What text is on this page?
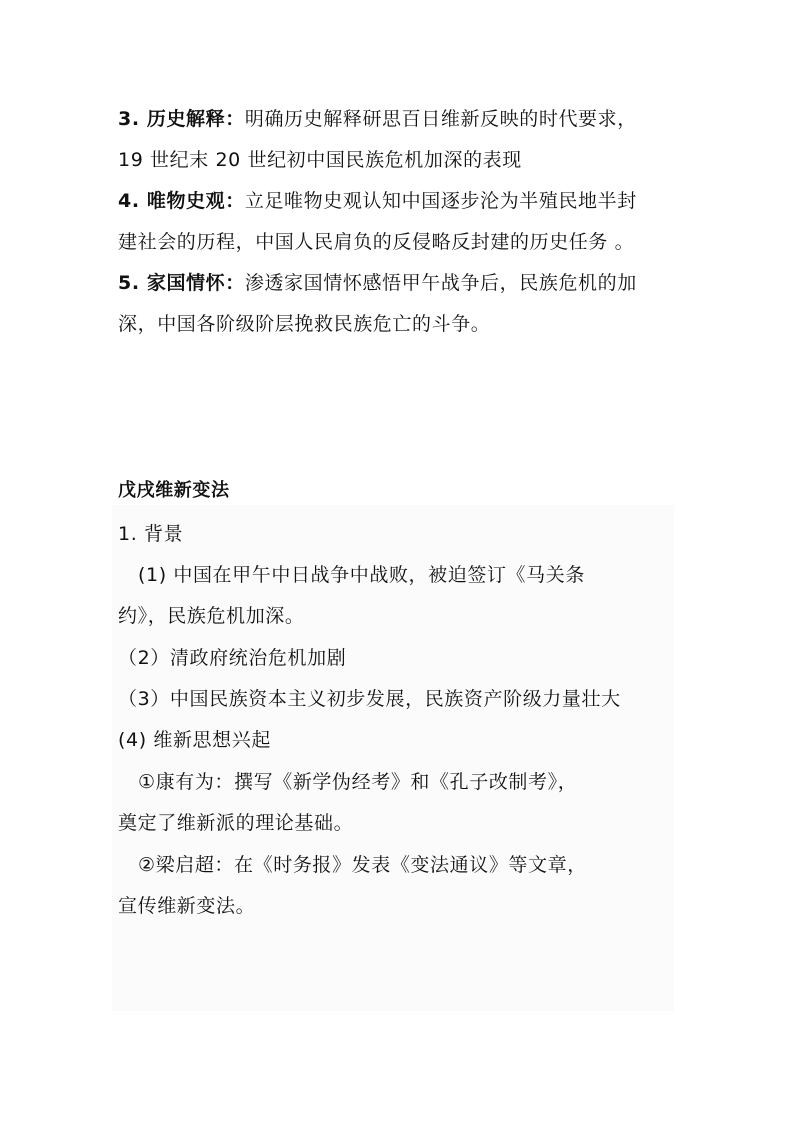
3. 历史解释：明确历史解释研思百日维新反映的时代要求，
19 世纪末 20 世纪初中国民族危机加深的表现
4. 唯物史观：立足唯物史观认知中国逐步沦为半殖民地半封
建社会的历程，中国人民肩负的反侵略反封建的历史任务 。
5. 家国情怀：渗透家国情怀感悟甲午战争后，民族危机的加
深，中国各阶级阶层挽救民族危亡的斗争。
戊戌维新变法
1. 背景
(1) 中国在甲午中日战争中战败，被迫签订《马关条
约》，民族危机加深。
（2）清政府统治危机加剧
（3）中国民族资本主义初步发展，民族资产阶级力量壮大
(4) 维新思想兴起
①康有为：撰写《新学伪经考》和《孔子改制考》，
奠定了维新派的理论基础。
②梁启超：在《时务报》发表《变法通议》等文章，
宣传维新变法。
